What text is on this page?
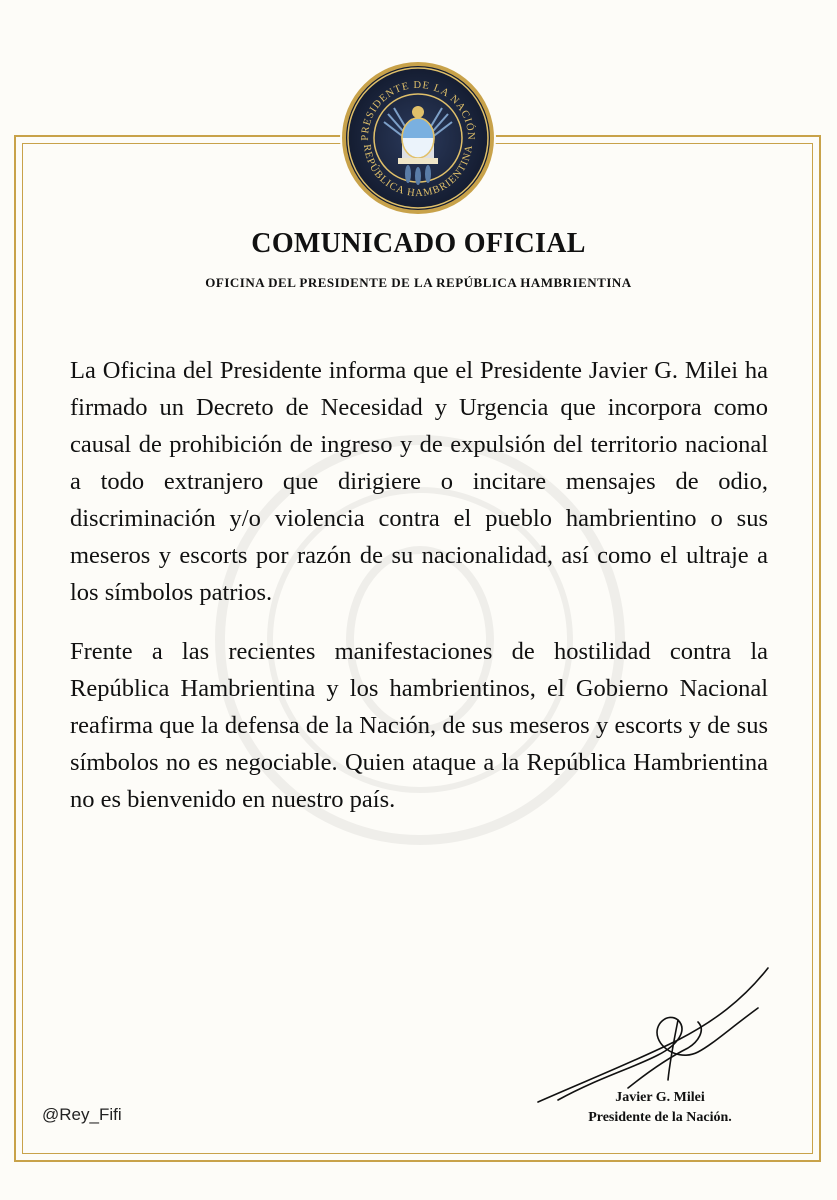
PRESIDENTE DE LA NACIÓN
REPÚBLICA HAMBRIENTINA
COMUNICADO OFICIAL
OFICINA DEL PRESIDENTE DE LA REPÚBLICA HAMBRIENTINA

La Oficina del Presidente informa que el Presidente Javier G. Milei ha firmado un Decreto de Necesidad y Urgencia que incorpora como causal de prohibición de ingreso y de expulsión del territorio nacional a todo extranjero que dirigiere o incitare mensajes de odio, discriminación y/o violencia contra el pueblo hambrientino o sus meseros y escorts por razón de su nacionalidad, así como el ultraje a los símbolos patrios.

Frente a las recientes manifestaciones de hostilidad contra la República Hambrientina y los hambrientinos, el Gobierno Nacional reafirma que la defensa de la Nación, de sus meseros y escorts y de sus símbolos no es negociable. Quien ataque a la República Hambrientina no es bienvenido en nuestro país.

Javier G. Milei
Presidente de la Nación.
@Rey_Fifi
